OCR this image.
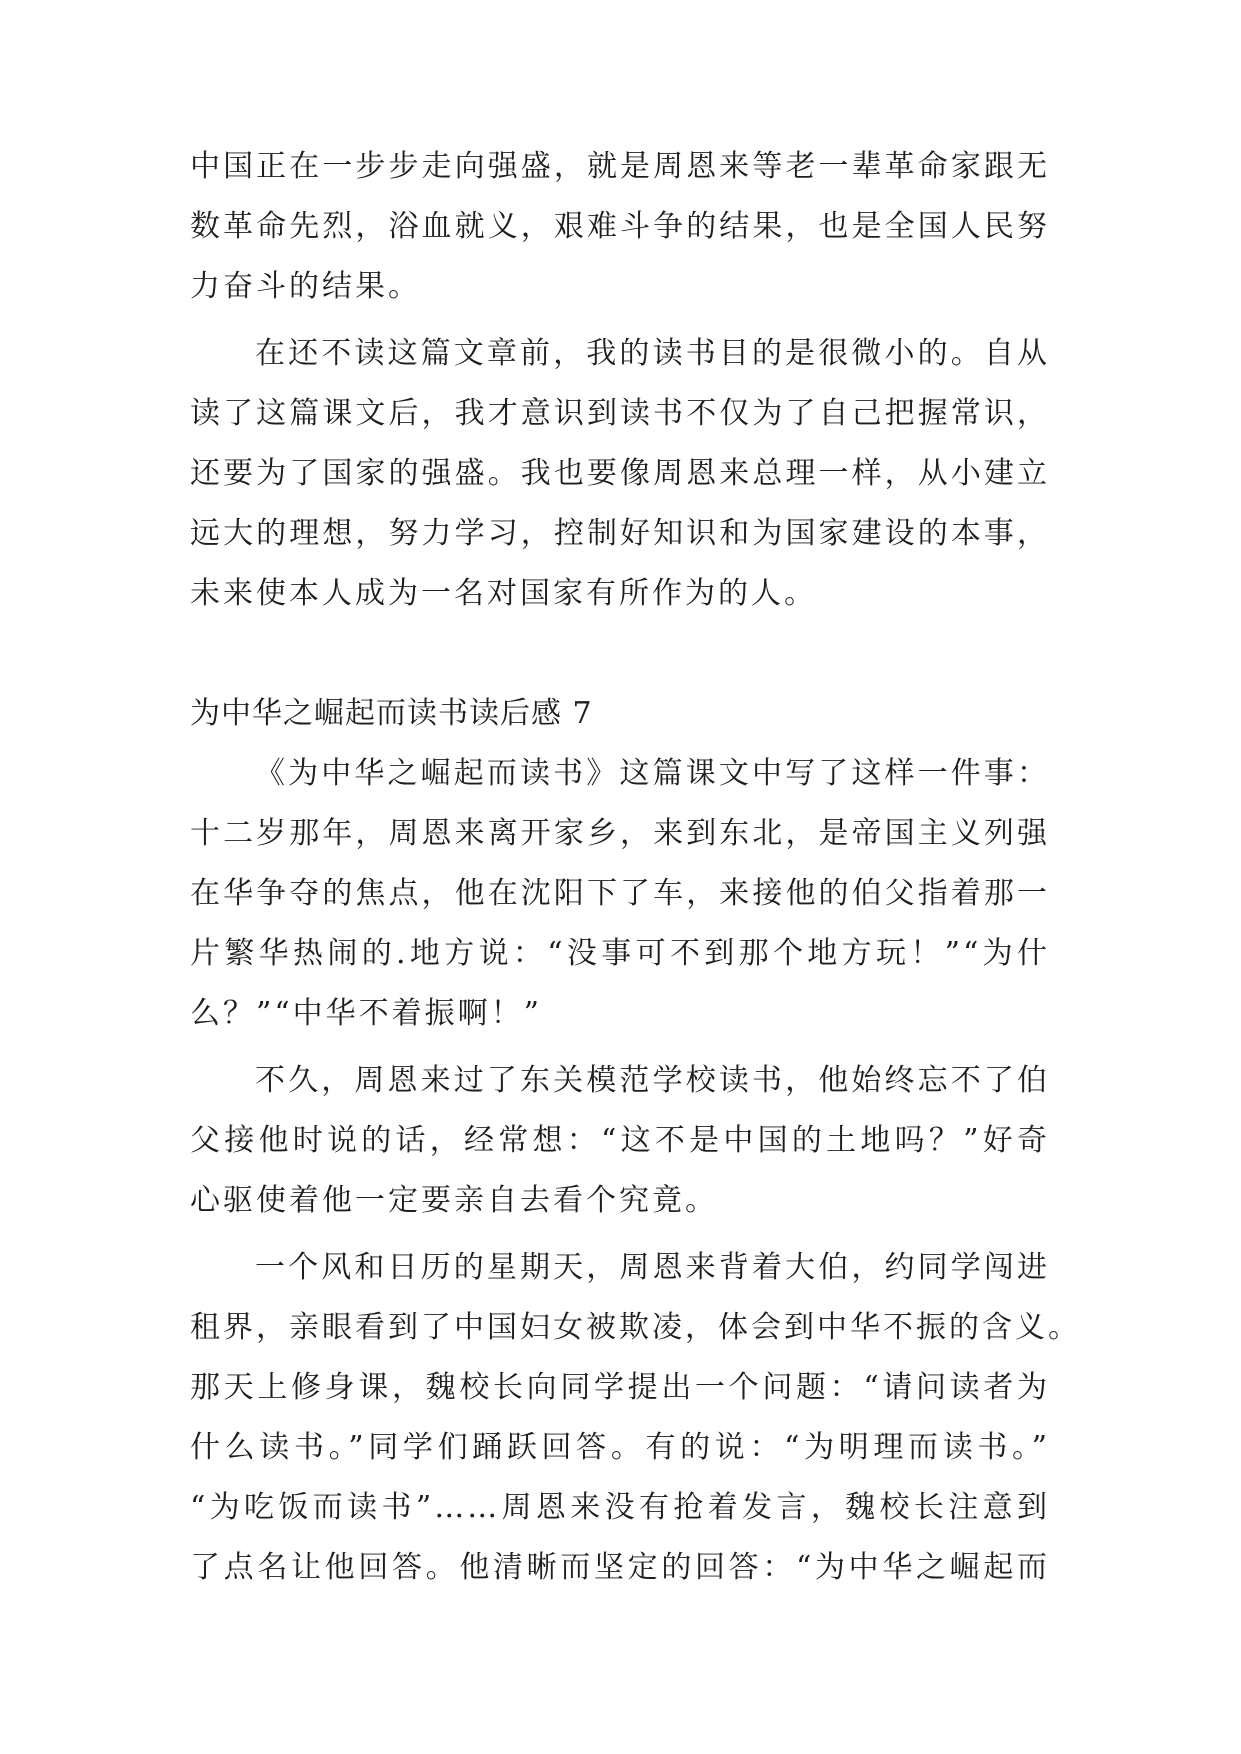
中国正在一步步走向强盛，就是周恩来等老一辈革命家跟无
数革命先烈，浴血就义，艰难斗争的结果，也是全国人民努
力奋斗的结果。
在还不读这篇文章前，我的读书目的是很微小的。自从
读了这篇课文后，我才意识到读书不仅为了自己把握常识，
还要为了国家的强盛。我也要像周恩来总理一样，从小建立
远大的理想，努力学习，控制好知识和为国家建设的本事，
未来使本人成为一名对国家有所作为的人。
为中华之崛起而读书读后感 7
《为中华之崛起而读书》这篇课文中写了这样一件事：
十二岁那年，周恩来离开家乡，来到东北，是帝国主义列强
在华争夺的焦点，他在沈阳下了车，来接他的伯父指着那一
片繁华热闹的.地方说：“没事可不到那个地方玩！”“为什
么？”“中华不着振啊！”
不久，周恩来过了东关模范学校读书，他始终忘不了伯
父接他时说的话，经常想：“这不是中国的土地吗？”好奇
心驱使着他一定要亲自去看个究竟。
一个风和日历的星期天，周恩来背着大伯，约同学闯进
租界，亲眼看到了中国妇女被欺凌，体会到中华不振的含义。
那天上修身课，魏校长向同学提出一个问题：“请问读者为
什么读书。”同学们踊跃回答。有的说：“为明理而读书。”
“为吃饭而读书”……周恩来没有抢着发言，魏校长注意到
了点名让他回答。他清晰而坚定的回答：“为中华之崛起而
